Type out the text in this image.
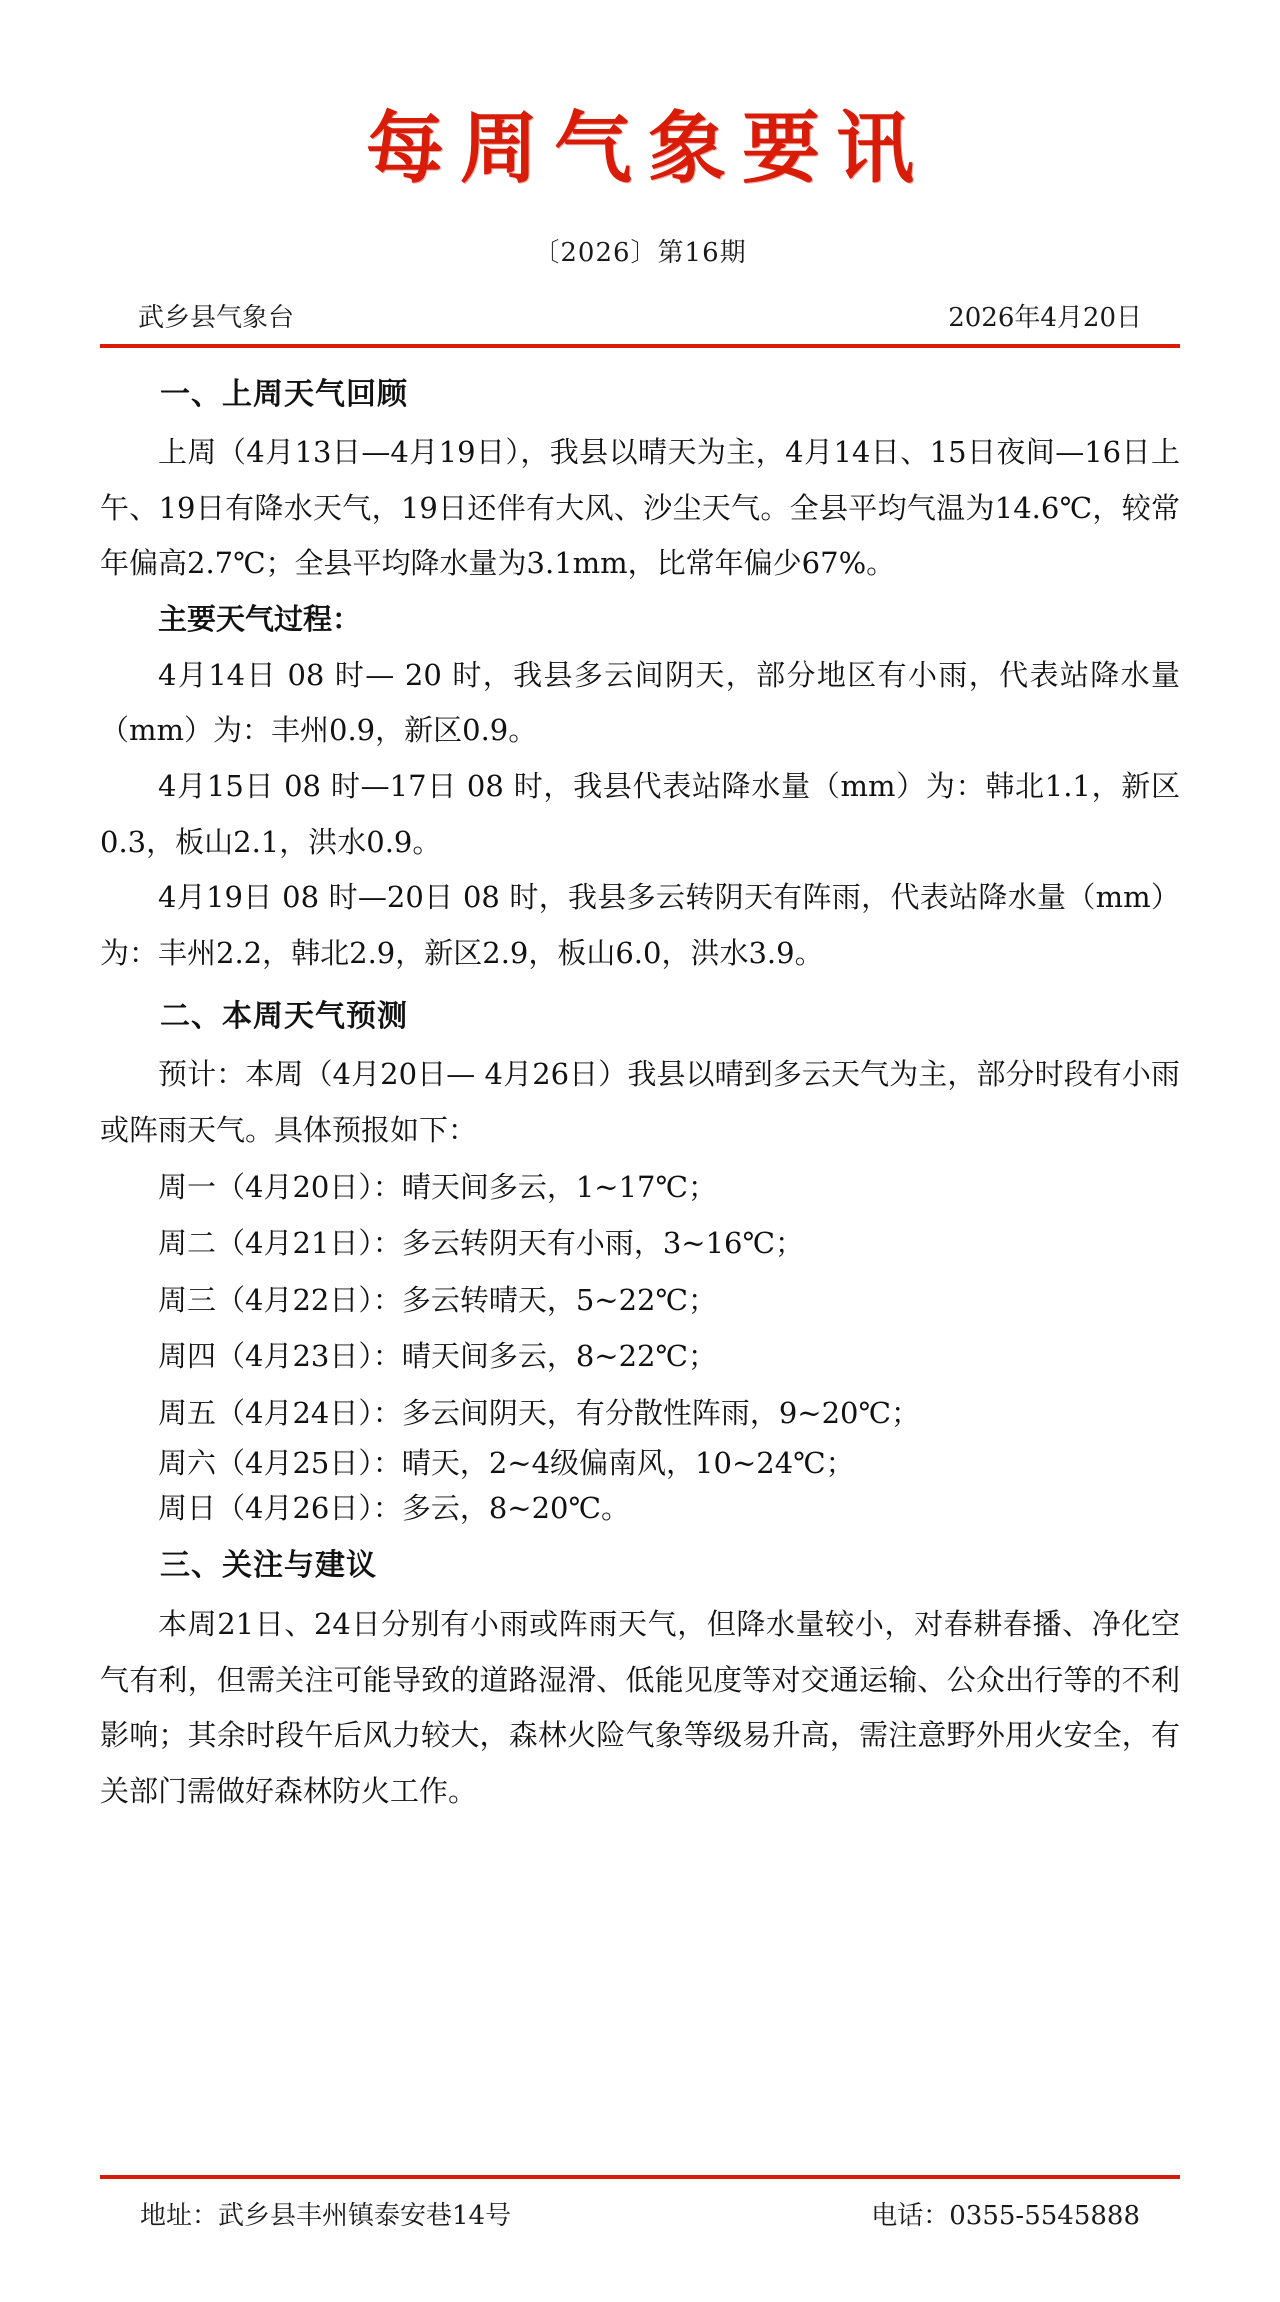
每周气象要讯
〔2026〕第16期
武乡县气象台	2026年4月20日
一、上周天气回顾

上周（4月13日—4月19日），我县以晴天为主，4月14日、15日夜间—16日上午、19日有降水天气，19日还伴有大风、沙尘天气。全县平均气温为14.6℃，较常年偏高2.7℃；全县平均降水量为3.1mm，比常年偏少67%。

主要天气过程：

4月14日 08 时— 20 时，我县多云间阴天，部分地区有小雨，代表站降水量（mm）为：丰州0.9，新区0.9。

4月15日 08 时—17日 08 时，我县代表站降水量（mm）为：韩北1.1，新区0.3，板山2.1，洪水0.9。

4月19日 08 时—20日 08 时，我县多云转阴天有阵雨，代表站降水量（mm）为：丰州2.2，韩北2.9，新区2.9，板山6.0，洪水3.9。

二、本周天气预测

预计：本周（4月20日— 4月26日）我县以晴到多云天气为主，部分时段有小雨或阵雨天气。具体预报如下：

周一（4月20日）：晴天间多云，1~17℃；

周二（4月21日）：多云转阴天有小雨，3~16℃；

周三（4月22日）：多云转晴天，5~22℃；

周四（4月23日）：晴天间多云，8~22℃；

周五（4月24日）：多云间阴天，有分散性阵雨，9~20℃；

周六（4月25日）：晴天，2~4级偏南风，10~24℃；

周日（4月26日）：多云，8~20℃。

三、关注与建议

本周21日、24日分别有小雨或阵雨天气，但降水量较小，对春耕春播、净化空气有利，但需关注可能导致的道路湿滑、低能见度等对交通运输、公众出行等的不利影响；其余时段午后风力较大，森林火险气象等级易升高，需注意野外用火安全，有关部门需做好森林防火工作。

地址：武乡县丰州镇泰安巷14号	电话：0355-5545888
